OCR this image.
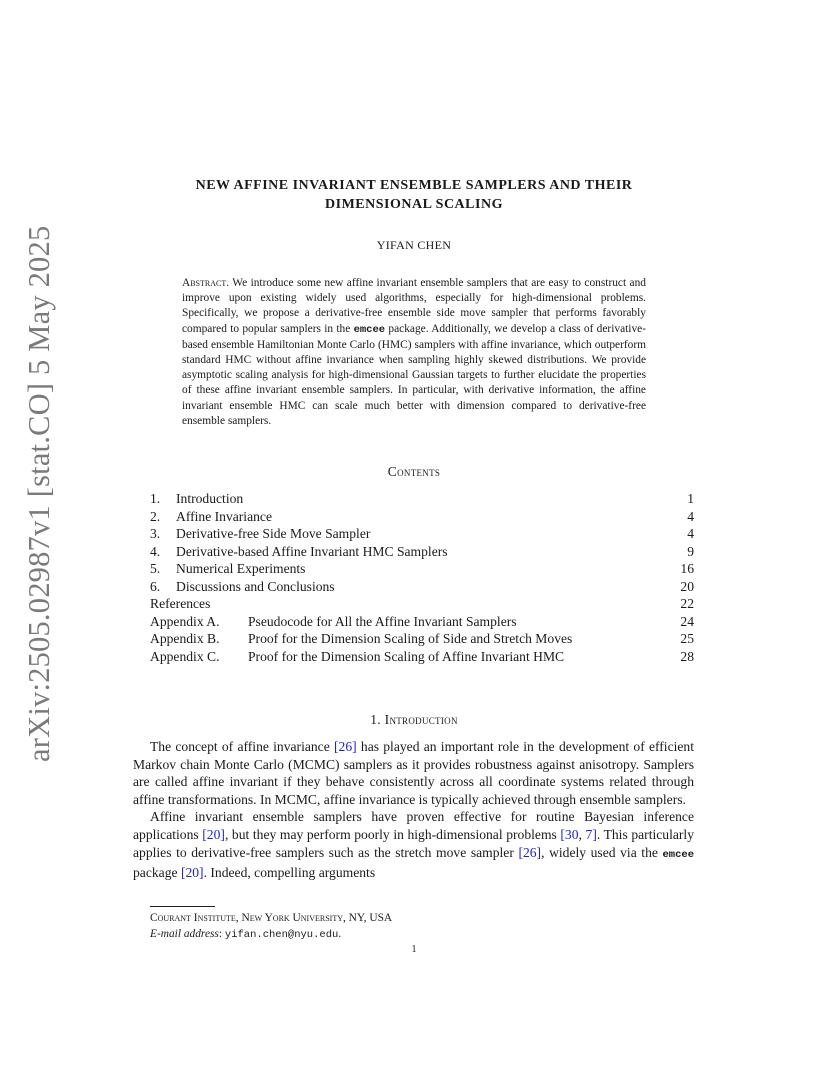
arXiv:2505.02987v1 [stat.CO] 5 May 2025
NEW AFFINE INVARIANT ENSEMBLE SAMPLERS AND THEIR
DIMENSIONAL SCALING
YIFAN CHEN
Abstract. We introduce some new affine invariant ensemble samplers that are easy to construct and improve upon existing widely used algorithms, especially for high-dimensional problems. Specifically, we propose a derivative-free ensemble side move sampler that performs favorably compared to popular samplers in the emcee package. Additionally, we develop a class of derivative-based ensemble Hamiltonian Monte Carlo (HMC) samplers with affine invariance, which outperform standard HMC without affine invariance when sampling highly skewed distributions. We provide asymptotic scaling analysis for high-dimensional Gaussian targets to further elucidate the properties of these affine invariant ensemble samplers. In particular, with derivative information, the affine invariant ensemble HMC can scale much better with dimension compared to derivative-free ensemble samplers.
Contents
1. Introduction	1
2. Affine Invariance	4
3. Derivative-free Side Move Sampler	4
4. Derivative-based Affine Invariant HMC Samplers	9
5. Numerical Experiments	16
6. Discussions and Conclusions	20
References	22
Appendix A. Pseudocode for All the Affine Invariant Samplers	24
Appendix B. Proof for the Dimension Scaling of Side and Stretch Moves	25
Appendix C. Proof for the Dimension Scaling of Affine Invariant HMC	28
1. Introduction

The concept of affine invariance [26] has played an important role in the development of efficient Markov chain Monte Carlo (MCMC) samplers as it provides robustness against anisotropy. Samplers are called affine invariant if they behave consistently across all coordinate systems related through affine transformations. In MCMC, affine invariance is typically achieved through ensemble samplers.

Affine invariant ensemble samplers have proven effective for routine Bayesian inference applications [20], but they may perform poorly in high-dimensional problems [30, 7]. This particularly applies to derivative-free samplers such as the stretch move sampler [26], widely used via the emcee package [20]. Indeed, compelling arguments

Courant Institute, New York University, NY, USA
E-mail address: yifan.chen@nyu.edu.
1
